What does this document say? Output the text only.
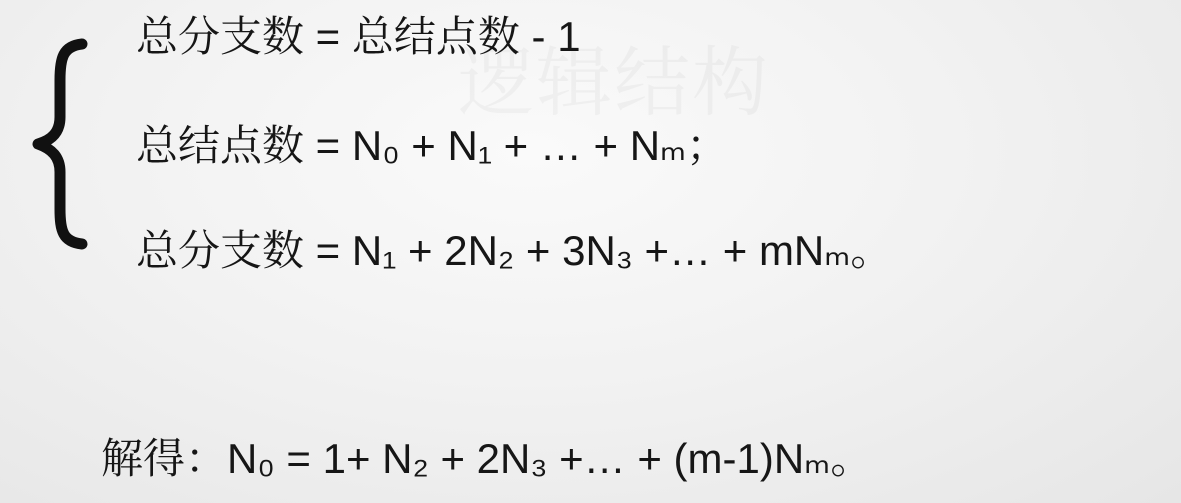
总分支数 = 总结点数 - 1
总结点数 = N₀ + N₁ + … + Nₘ；
总分支数 = N₁ + 2N₂ + 3N₃ +… + mNₘ。
解得：N₀ = 1+ N₂ + 2N₃ +… + (m-1)Nₘ。
